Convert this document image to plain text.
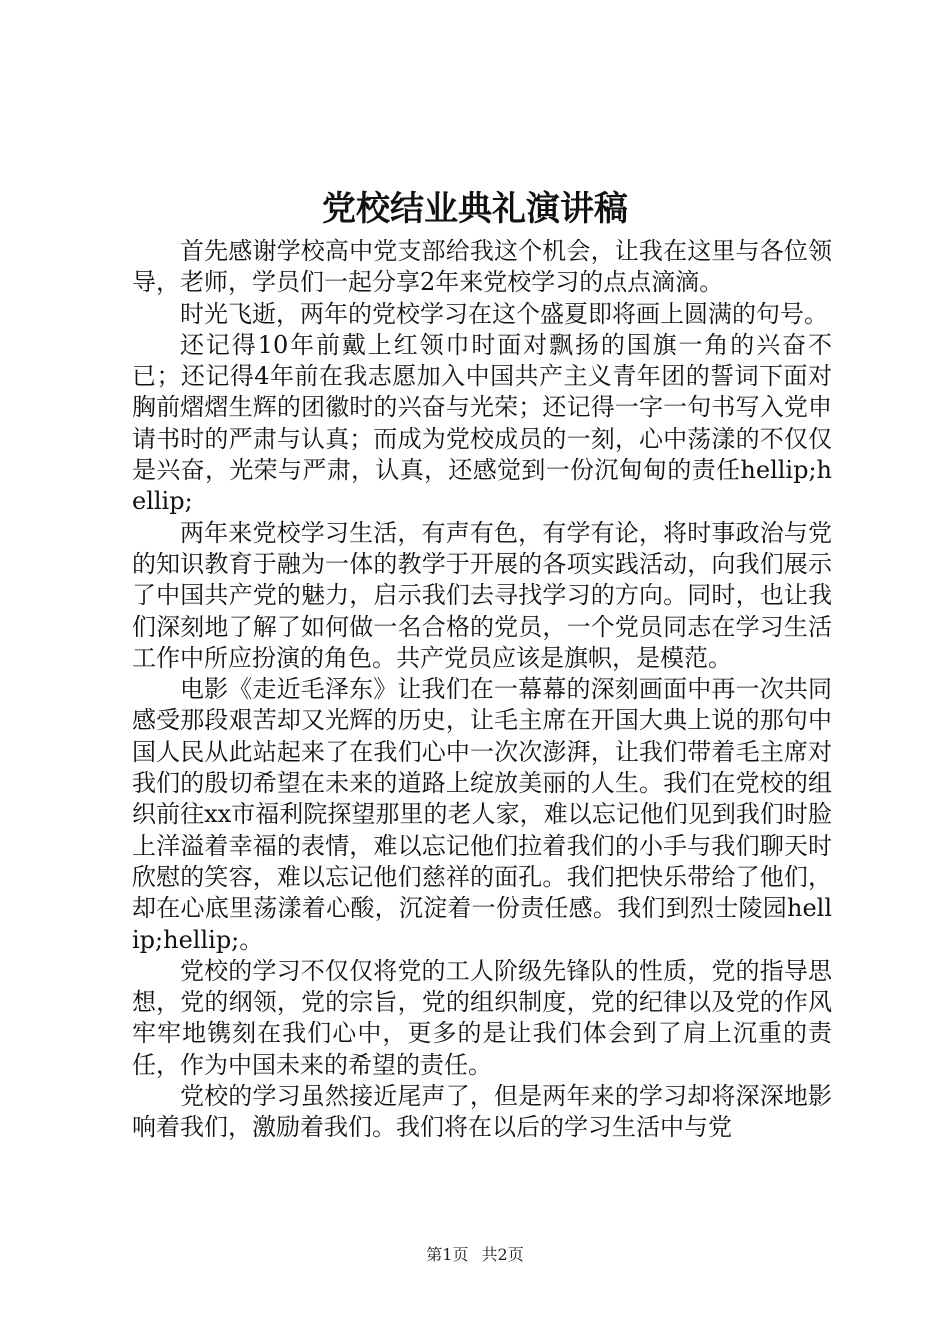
党校结业典礼演讲稿

首先感谢学校高中党支部给我这个机会，让我在这里与各位领导，老师，学员们一起分享2年来党校学习的点点滴滴。

时光飞逝，两年的党校学习在这个盛夏即将画上圆满的句号。

还记得10年前戴上红领巾时面对飘扬的国旗一角的兴奋不已；还记得4年前在我志愿加入中国共产主义青年团的誓词下面对胸前熠熠生辉的团徽时的兴奋与光荣；还记得一字一句书写入党申请书时的严肃与认真；而成为党校成员的一刻，心中荡漾的不仅仅是兴奋，光荣与严肃，认真，还感觉到一份沉甸甸的责任hellip;hellip;

两年来党校学习生活，有声有色，有学有论，将时事政治与党的知识教育于融为一体的教学于开展的各项实践活动，向我们展示了中国共产党的魅力，启示我们去寻找学习的方向。同时，也让我们深刻地了解了如何做一名合格的党员，一个党员同志在学习生活工作中所应扮演的角色。共产党员应该是旗帜，是模范。

电影《走近毛泽东》让我们在一幕幕的深刻画面中再一次共同感受那段艰苦却又光辉的历史，让毛主席在开国大典上说的那句中国人民从此站起来了在我们心中一次次澎湃，让我们带着毛主席对我们的殷切希望在未来的道路上绽放美丽的人生。我们在党校的组织前往xx市福利院探望那里的老人家，难以忘记他们见到我们时脸上洋溢着幸福的表情，难以忘记他们拉着我们的小手与我们聊天时欣慰的笑容，难以忘记他们慈祥的面孔。我们把快乐带给了他们，却在心底里荡漾着心酸，沉淀着一份责任感。我们到烈士陵园hellip;hellip;。

党校的学习不仅仅将党的工人阶级先锋队的性质，党的指导思想，党的纲领，党的宗旨，党的组织制度，党的纪律以及党的作风牢牢地镌刻在我们心中，更多的是让我们体会到了肩上沉重的责任，作为中国未来的希望的责任。

党校的学习虽然接近尾声了，但是两年来的学习却将深深地影响着我们，激励着我们。我们将在以后的学习生活中与党

第1页 共2页
